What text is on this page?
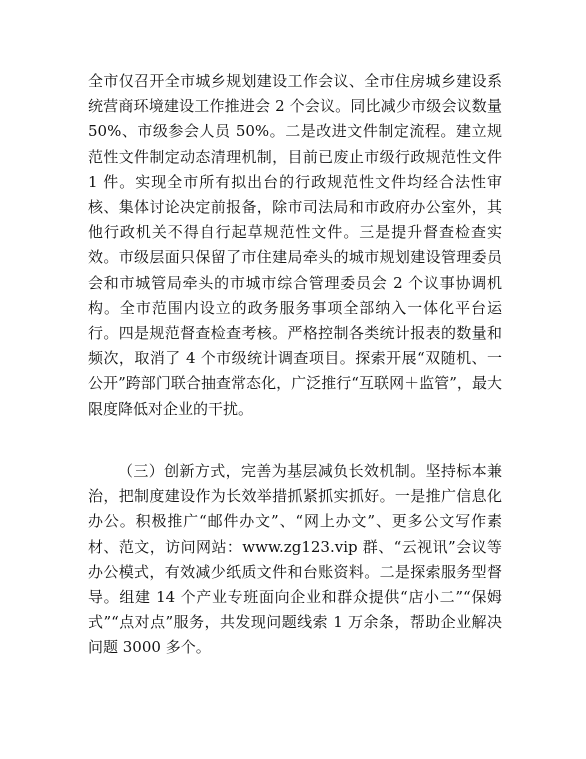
全市仅召开全市城乡规划建设工作会议、全市住房城乡建设系统营商环境建设工作推进会 2 个会议。同比减少市级会议数量 50%、市级参会人员 50%。二是改进文件制定流程。建立规范性文件制定动态清理机制，目前已废止市级行政规范性文件 1 件。实现全市所有拟出台的行政规范性文件均经合法性审核、集体讨论决定前报备，除市司法局和市政府办公室外，其他行政机关不得自行起草规范性文件。三是提升督查检查实效。市级层面只保留了市住建局牵头的城市规划建设管理委员会和市城管局牵头的市城市综合管理委员会 2 个议事协调机构。全市范围内设立的政务服务事项全部纳入一体化平台运行。四是规范督查检查考核。严格控制各类统计报表的数量和频次，取消了 4 个市级统计调查项目。探索开展“双随机、一公开”跨部门联合抽查常态化，广泛推行“互联网＋监管”，最大限度降低对企业的干扰。

（三）创新方式，完善为基层减负长效机制。坚持标本兼治，把制度建设作为长效举措抓紧抓实抓好。一是推广信息化办公。积极推广“邮件办文”、“网上办文”、更多公文写作素材、范文，访问网站：www.zg123.vip 群、“云视讯”会议等办公模式，有效减少纸质文件和台账资料。二是探索服务型督导。组建 14 个产业专班面向企业和群众提供“店小二”“保姆式”“点对点”服务，共发现问题线索 1 万余条，帮助企业解决问题 3000 多个。
